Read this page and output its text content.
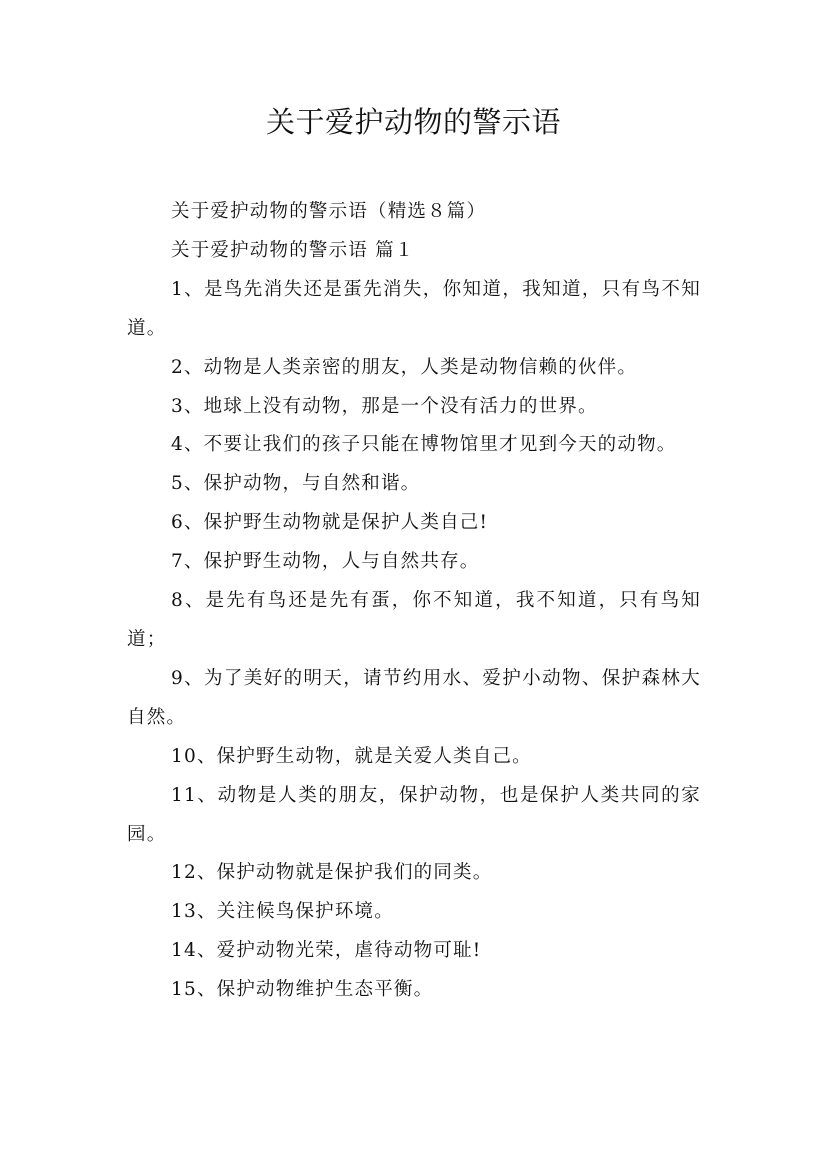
关于爱护动物的警示语

关于爱护动物的警示语（精选８篇）

关于爱护动物的警示语 篇１

1、是鸟先消失还是蛋先消失，你知道，我知道，只有鸟不知道。

2、动物是人类亲密的朋友，人类是动物信赖的伙伴。

3、地球上没有动物，那是一个没有活力的世界。

4、不要让我们的孩子只能在博物馆里才见到今天的动物。

5、保护动物，与自然和谐。

6、保护野生动物就是保护人类自己!

7、保护野生动物，人与自然共存。

8、是先有鸟还是先有蛋，你不知道，我不知道，只有鸟知道；

9、为了美好的明天，请节约用水、爱护小动物、保护森林大自然。

10、保护野生动物，就是关爱人类自己。

11、动物是人类的朋友，保护动物，也是保护人类共同的家园。

12、保护动物就是保护我们的同类。

13、关注候鸟保护环境。

14、爱护动物光荣，虐待动物可耻!

15、保护动物维护生态平衡。
